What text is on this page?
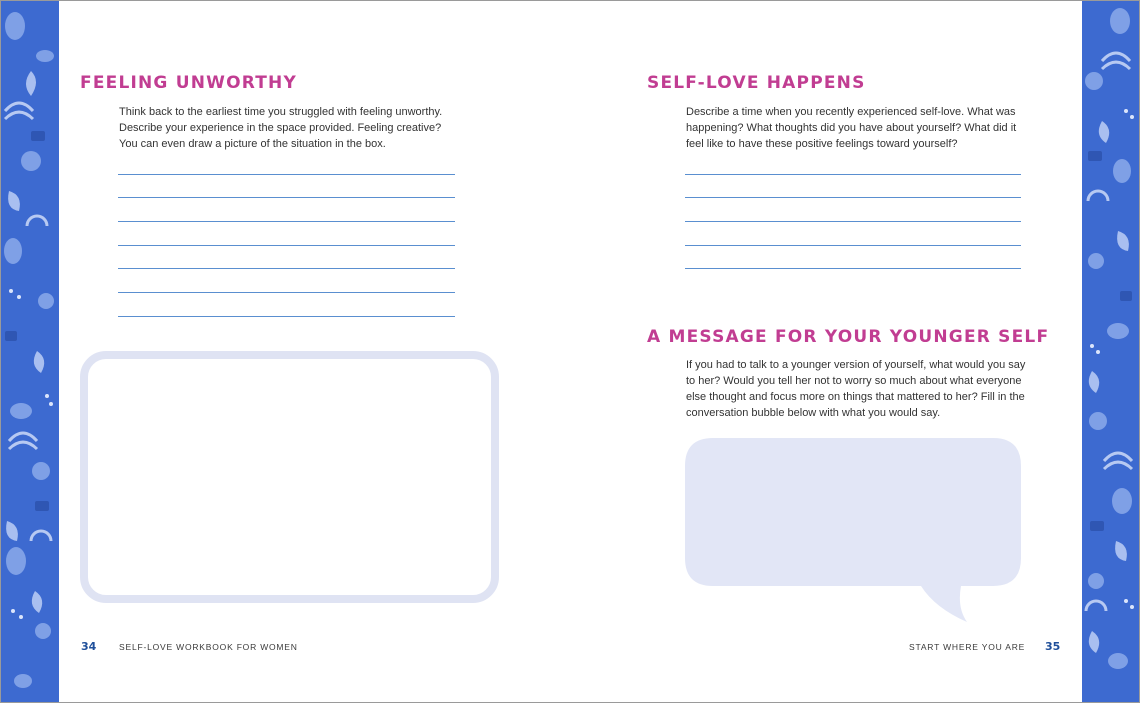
FEELING UNWORTHY

Think back to the earliest time you struggled with feeling unworthy. Describe your experience in the space provided. Feeling creative? You can even draw a picture of the situation in the box.

34	SELF-LOVE WORKBOOK FOR WOMEN
SELF-LOVE HAPPENS

Describe a time when you recently experienced self-love. What was happening? What thoughts did you have about yourself? What did it feel like to have these positive feelings toward yourself?

A MESSAGE FOR YOUR YOUNGER SELF

If you had to talk to a younger version of yourself, what would you say to her? Would you tell her not to worry so much about what everyone else thought and focus more on things that mattered to her? Fill in the conversation bubble below with what you would say.

START WHERE YOU ARE 35
